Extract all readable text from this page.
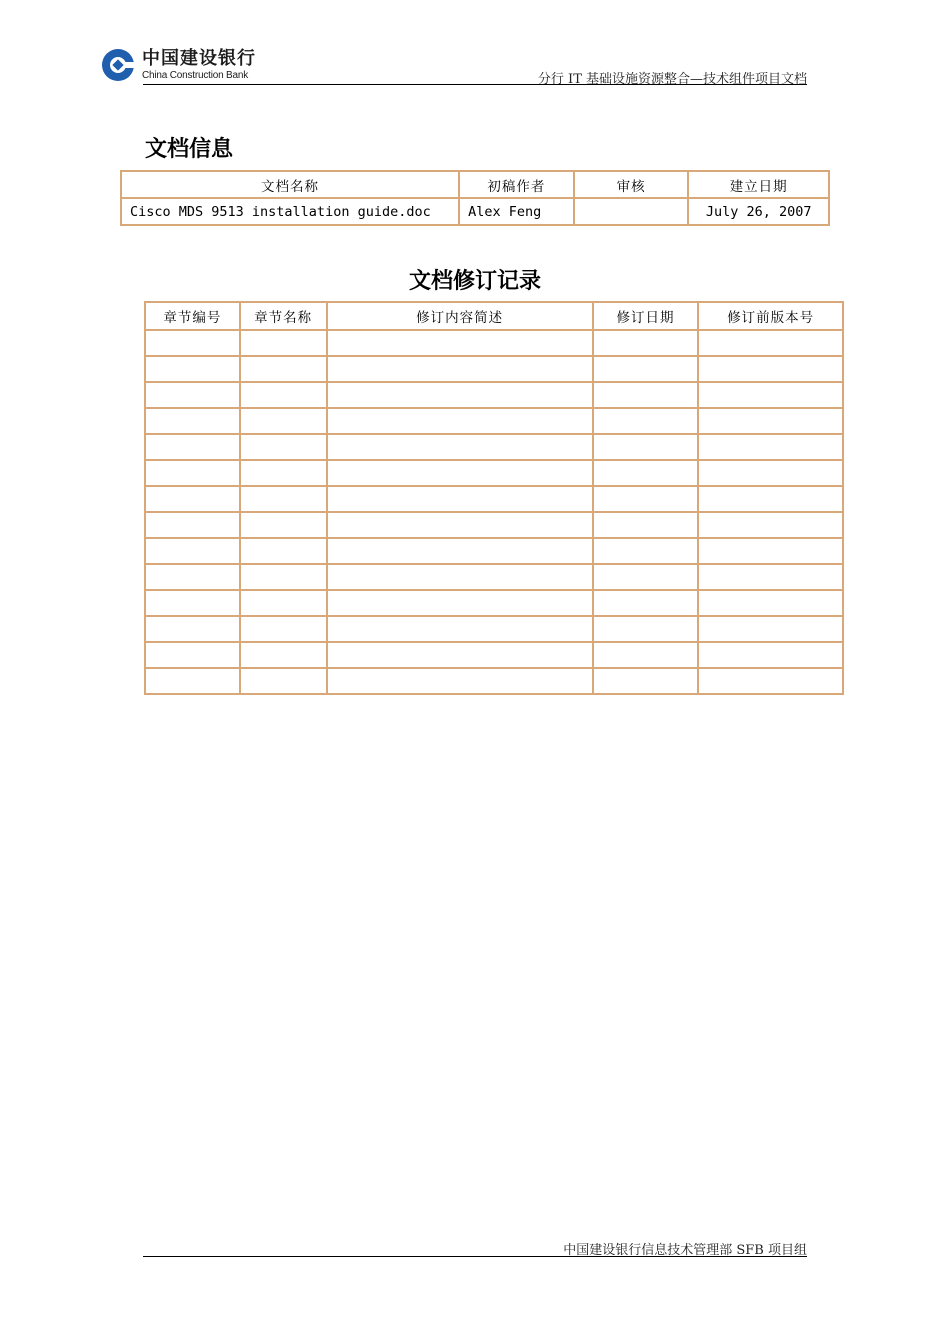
中国建设银行
China Construction Bank	分行 IT 基础设施资源整合—技术组件项目文档
文档信息
文档名称	初稿作者	审核	建立日期
Cisco MDS 9513 installation guide.doc	Alex Feng		July 26, 2007
文档修订记录
章节编号	章节名称	修订内容简述	修订日期	修订前版本号

中国建设银行信息技术管理部 SFB 项目组
